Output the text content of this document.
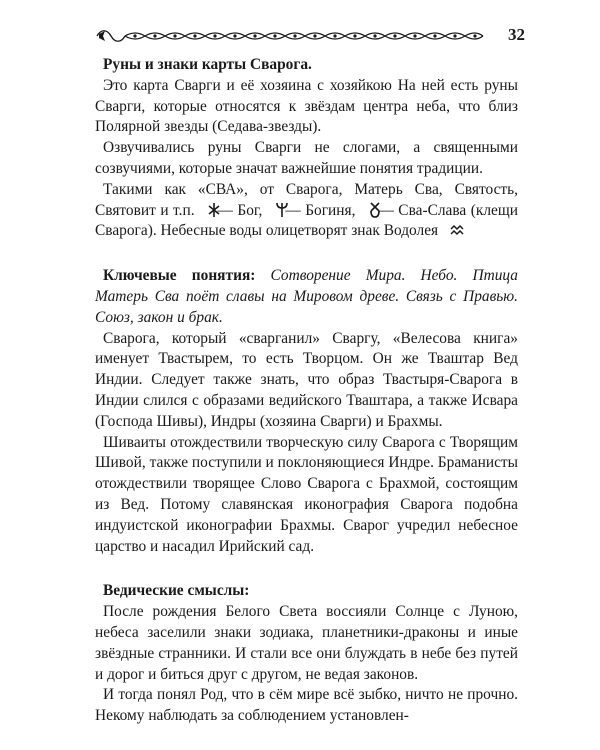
32

Руны и знаки карты Сварога.

Это карта Сварги и её хозяина с хозяйкою На ней есть руны Сварги, которые относятся к звёздам центра неба, что близ Полярной звезды (Седава-звезды).

Озвучивались руны Сварги не слогами, а священными созвучиями, которые значат важнейшие понятия традиции.

Такими как «СВА», от Сварога, Матерь Сва, Святость, Святовит и т.п. — Бог, — Богиня, — Сва-Слава (клещи Сварога). Небесные воды олицетворят знак Водолея

Ключевые понятия: Сотворение Мира. Небо. Птица Матерь Сва поёт славы на Мировом древе. Связь с Правью. Союз, закон и брак.

Сварога, который «сварганил» Сваргу, «Велесова книга» именует Тваcтырем, то есть Творцом. Он же Твaштар Вед Индии. Следует также знать, что образ Твастыря-Сварога в Индии слился с образами ведийского Тваштара, а также Исвара (Господа Шивы), Индры (хозяина Сварги) и Брахмы.

Шиваиты отождествили творческую силу Сварога с Творящим Шивой, также поступили и поклоняющиеся Индре. Браманисты отождествили творящее Слово Сварога с Брахмой, состоящим из Вед. Потому славянская иконография Сварога подобна индуистской иконографии Брахмы. Сварог учредил небесное царство и насадил Ирийский сад.

Ведические смыслы:

После рождения Белого Света воссияли Солнце с Луною, небеса заселили знаки зодиака, планетники-драконы и иные звёздные странники. И стали все они блуждать в небе без путей и дорог и биться друг с другом, не ведая законов.

И тогда понял Род, что в сём мире всё зыбко, ничто не прочно. Некому наблюдать за соблюдением установлен-
